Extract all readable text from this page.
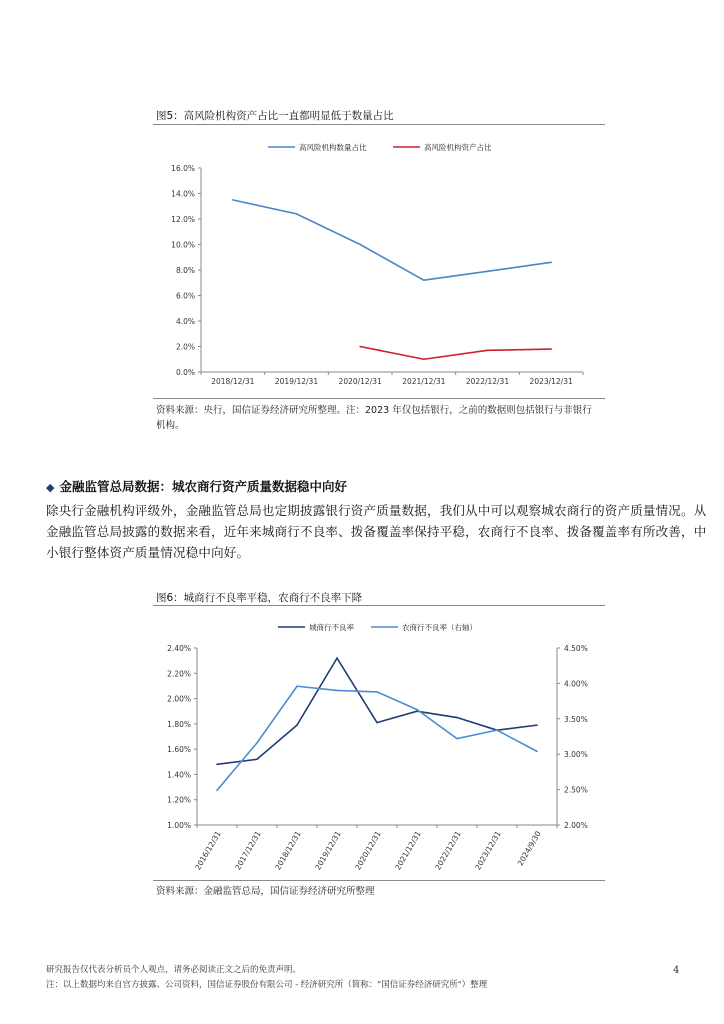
图5：高风险机构资产占比一直都明显低于数量占比
0.0%
2.0%
4.0%
6.0%
8.0%
10.0%
12.0%
14.0%
16.0%
2018/12/31	2019/12/31	2020/12/31	2021/12/31	2022/12/31	2023/12/31
高风险机构数量占比	高风险机构资产占比
资料来源：央行，国信证券经济研究所整理。注：2023 年仅包括银行，之前的数据则包括银行与非银行
机构。
◆ 金融监管总局数据：城农商行资产质量数据稳中向好
除央行金融机构评级外，金融监管总局也定期披露银行资产质量数据，我们从中可以观察城农商行的资产质量情况。从
金融监管总局披露的数据来看，近年来城商行不良率、拨备覆盖率保持平稳，农商行不良率、拨备覆盖率有所改善，中
小银行整体资产质量情况稳中向好。
图6：城商行不良率平稳，农商行不良率下降
1.00%
1.20%
1.40%
1.60%
1.80%
2.00%
2.20%
2.40%
2.00%
2.50%
3.00%
3.50%
4.00%
4.50%
2016/12/31 2017/12/31 2018/12/31 2019/12/31 2020/12/31 2021/12/31 2022/12/31 2023/12/31 2024/9/30
城商行不良率	农商行不良率（右轴）
资料来源：金融监管总局，国信证券经济研究所整理
研究报告仅代表分析员个人观点，请务必阅读正文之后的免责声明。
注：以上数据均来自官方披露、公司资料，国信证券股份有限公司 - 经济研究所（简称："国信证券经济研究所"）整理
4
